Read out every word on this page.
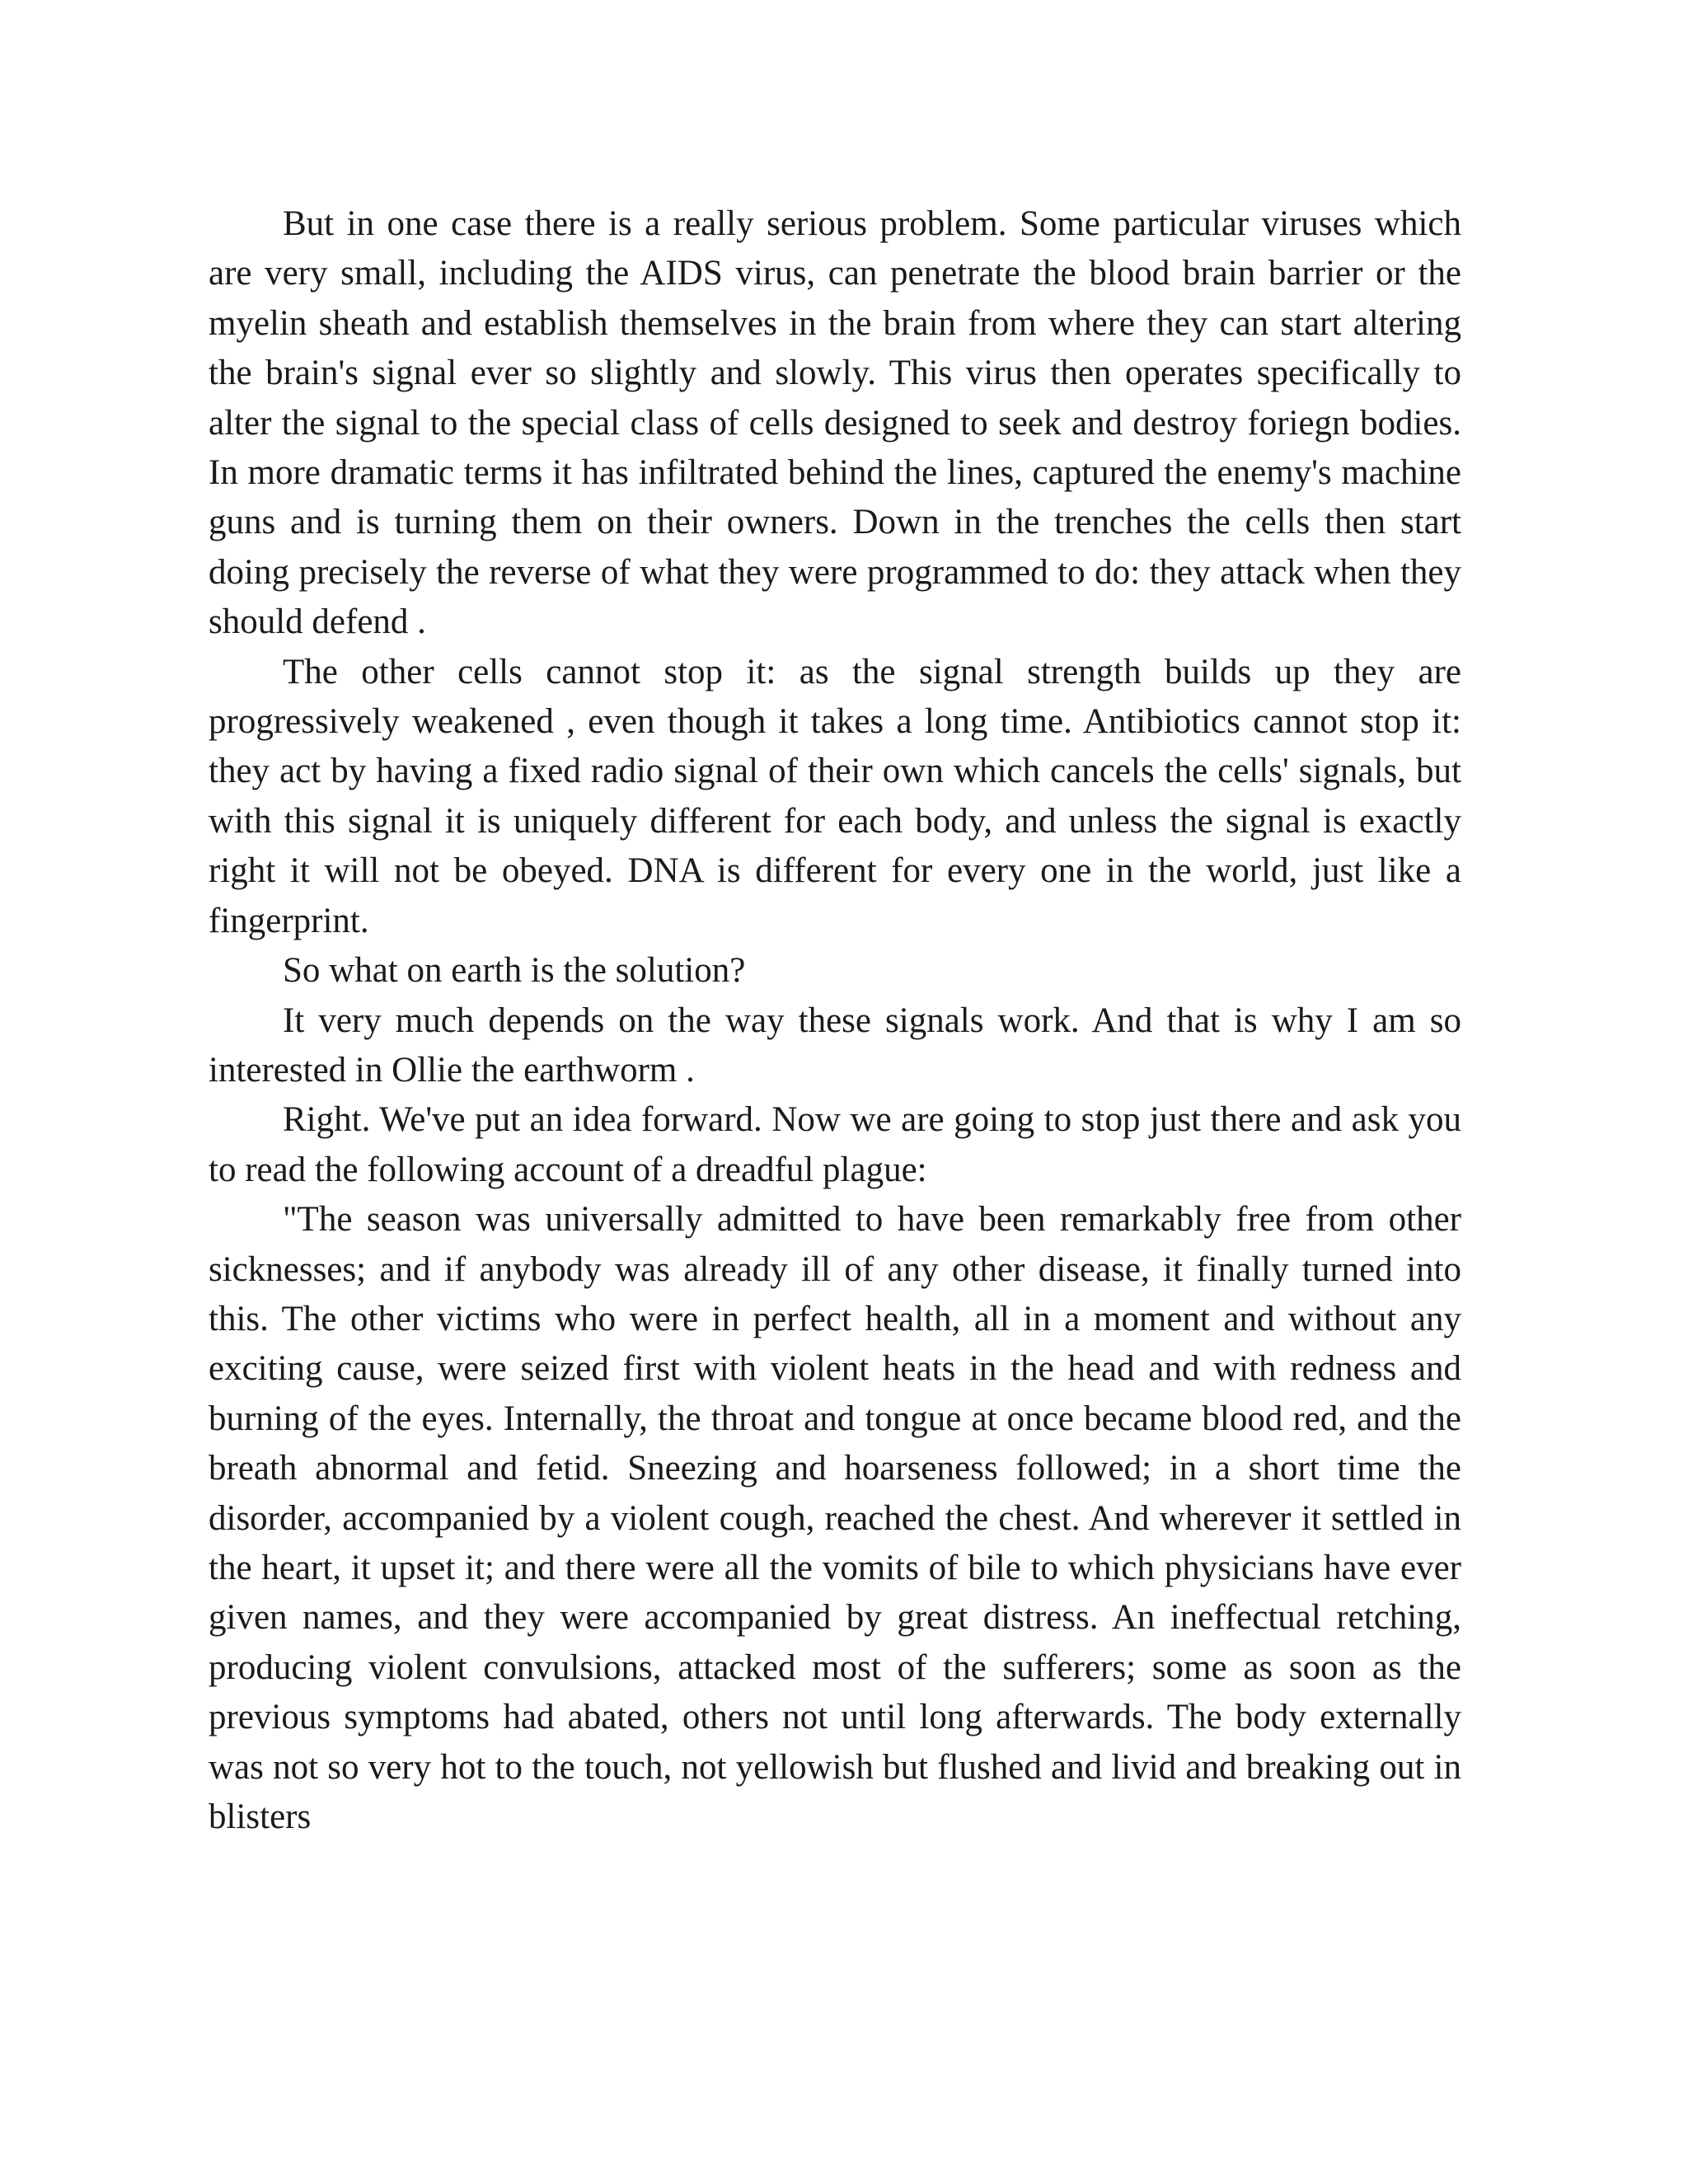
But in one case there is a really serious problem. Some particular viruses which are very small, including the AIDS virus, can penetrate the blood brain barrier or the myelin sheath and establish themselves in the brain from where they can start altering the brain's signal ever so slightly and slowly. This virus then operates specifically to alter the signal to the special class of cells designed to seek and destroy foriegn bodies. In more dramatic terms it has infiltrated behind the lines, captured the enemy's machine guns and is turning them on their owners. Down in the trenches the cells then start doing precisely the reverse of what they were programmed to do: they attack when they should defend .

The other cells cannot stop it: as the signal strength builds up they are progressively weakened , even though it takes a long time. Antibiotics cannot stop it: they act by having a fixed radio signal of their own which cancels the cells' signals, but with this signal it is uniquely different for each body, and unless the signal is exactly right it will not be obeyed. DNA is different for every one in the world, just like a fingerprint.

So what on earth is the solution?

It very much depends on the way these signals work. And that is why I am so interested in Ollie the earthworm .

Right. We've put an idea forward. Now we are going to stop just there and ask you to read the following account of a dreadful plague:

"The season was universally admitted to have been remarkably free from other sicknesses; and if anybody was already ill of any other disease, it finally turned into this. The other victims who were in perfect health, all in a moment and without any exciting cause, were seized first with violent heats in the head and with redness and burning of the eyes. Internally, the throat and tongue at once became blood red, and the breath abnormal and fetid. Sneezing and hoarseness followed; in a short time the disorder, accompanied by a violent cough, reached the chest. And wherever it settled in the heart, it upset it; and there were all the vomits of bile to which physicians have ever given names, and they were accompanied by great distress. An ineffectual retching, producing violent convulsions, attacked most of the sufferers; some as soon as the previous symptoms had abated, others not until long afterwards. The body externally was not so very hot to the touch, not yellowish but flushed and livid and breaking out in blisters
